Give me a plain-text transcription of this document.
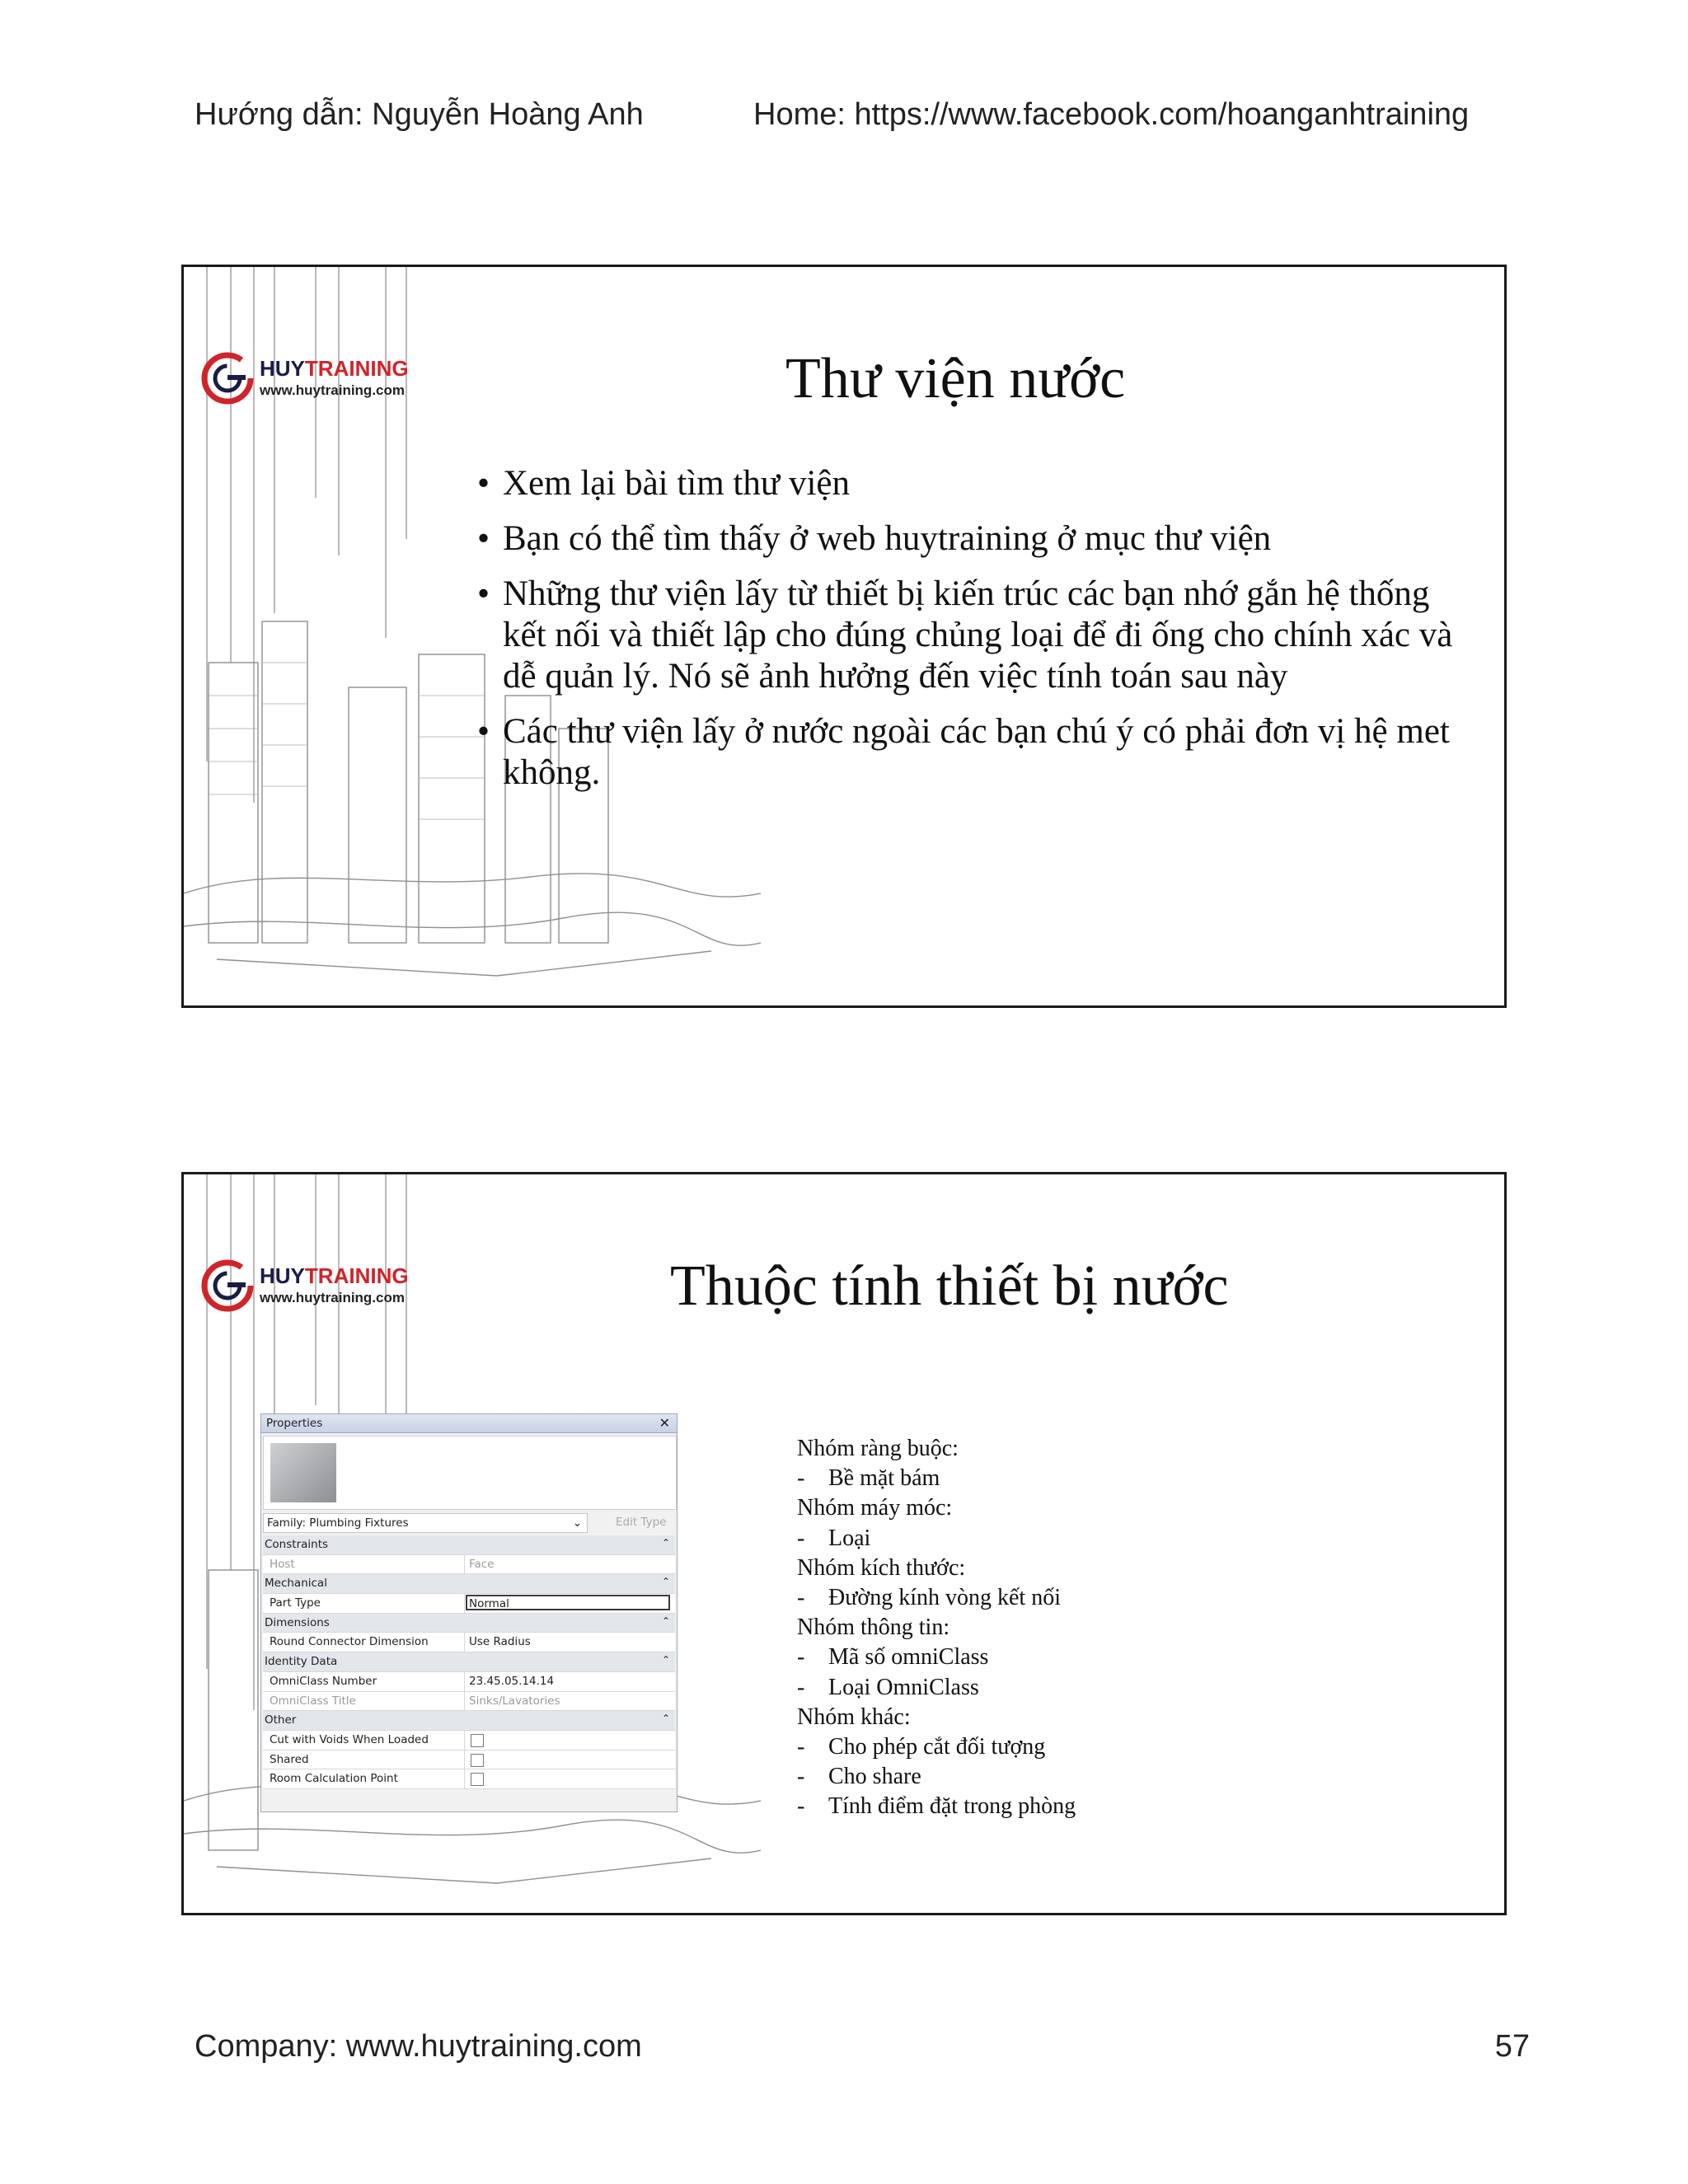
Hướng dẫn: Nguyễn Hoàng Anh	Home: https://www.facebook.com/hoanganhtraining
HUYTRAINING
www.huytraining.com	Thư viện nước
• Xem lại bài tìm thư viện
• Bạn có thể tìm thấy ở web huytraining ở mục thư viện
• Những thư viện lấy từ thiết bị kiến trúc các bạn nhớ gắn hệ thống kết nối và thiết lập cho đúng chủng loại để đi ống cho chính xác và dễ quản lý. Nó sẽ ảnh hưởng đến việc tính toán sau này
• Các thư viện lấy ở nước ngoài các bạn chú ý có phải đơn vị hệ met không.
HUYTRAINING
www.huytraining.com	Thuộc tính thiết bị nước
Properties	✕
Family: Plumbing Fixtures	⌄	Edit Type
Constraints	⌃
Host	Face
Mechanical	⌃
Part Type	Normal
Dimensions	⌃
Round Connector Dimension	Use Radius
Identity Data	⌃
OmniClass Number	23.45.05.14.14
OmniClass Title	Sinks/Lavatories
Other	⌃
Cut with Voids When Loaded
Shared
Room Calculation Point
Nhóm ràng buộc:
- Bề mặt bám
Nhóm máy móc:
- Loại
Nhóm kích thước:
- Đường kính vòng kết nối
Nhóm thông tin:
- Mã số omniClass
- Loại OmniClass
Nhóm khác:
- Cho phép cắt đối tượng
- Cho share
- Tính điểm đặt trong phòng
Company: www.huytraining.com	57
